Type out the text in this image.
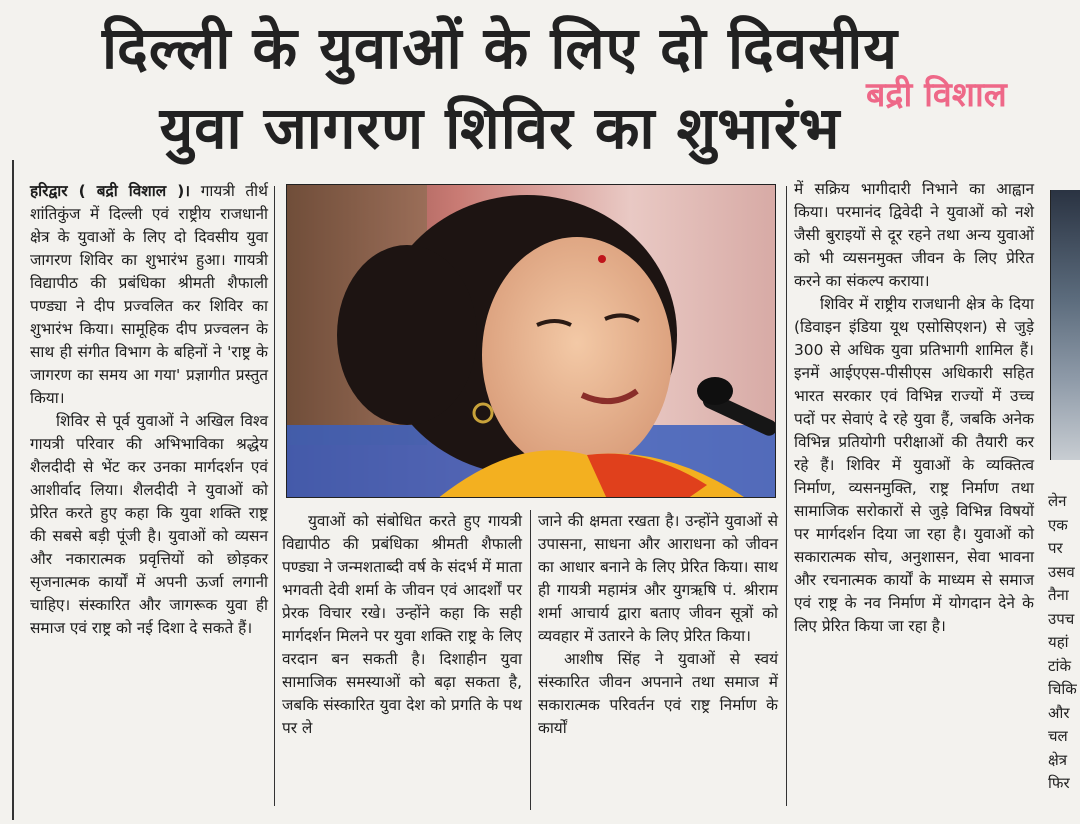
दिल्ली के युवाओं के लिए दो दिवसीय
युवा जागरण शिविर का शुभारंभ बद्री विशाल
हरिद्वार ( बद्री विशाल )। गायत्री तीर्थ शांतिकुंज में दिल्ली एवं राष्ट्रीय राजधानी क्षेत्र के युवाओं के लिए दो दिवसीय युवा जागरण शिविर का शुभारंभ हुआ। गायत्री विद्यापीठ की प्रबंधिका श्रीमती शैफाली पण्ड्या ने दीप प्रज्वलित कर शिविर का शुभारंभ किया। सामूहिक दीप प्रज्वलन के साथ ही संगीत विभाग के बहिनों ने 'राष्ट्र के जागरण का समय आ गया' प्रज्ञागीत प्रस्तुत किया।

शिविर से पूर्व युवाओं ने अखिल विश्व गायत्री परिवार की अभिभाविका श्रद्धेय शैलदीदी से भेंट कर उनका मार्गदर्शन एवं आशीर्वाद लिया। शैलदीदी ने युवाओं को प्रेरित करते हुए कहा कि युवा शक्ति राष्ट्र की सबसे बड़ी पूंजी है। युवाओं को व्यसन और नकारात्मक प्रवृत्तियों को छोड़कर सृजनात्मक कार्यों में अपनी ऊर्जा लगानी चाहिए। संस्कारित और जागरूक युवा ही समाज एवं राष्ट्र को नई दिशा दे सकते हैं।

युवाओं को संबोधित करते हुए गायत्री विद्यापीठ की प्रबंधिका श्रीमती शैफाली पण्ड्या ने जन्मशताब्दी वर्ष के संदर्भ में माता भगवती देवी शर्मा के जीवन एवं आदर्शों पर प्रेरक विचार रखे। उन्होंने कहा कि सही मार्गदर्शन मिलने पर युवा शक्ति राष्ट्र के लिए वरदान बन सकती है। दिशाहीन युवा सामाजिक समस्याओं को बढ़ा सकता है, जबकि संस्कारित युवा देश को प्रगति के पथ पर ले

जाने की क्षमता रखता है। उन्होंने युवाओं से उपासना, साधना और आराधना को जीवन का आधार बनाने के लिए प्रेरित किया। साथ ही गायत्री महामंत्र और युगऋषि पं. श्रीराम शर्मा आचार्य द्वारा बताए जीवन सूत्रों को व्यवहार में उतारने के लिए प्रेरित किया।

आशीष सिंह ने युवाओं से स्वयं संस्कारित जीवन अपनाने तथा समाज में सकारात्मक परिवर्तन एवं राष्ट्र निर्माण के कार्यों

में सक्रिय भागीदारी निभाने का आह्वान किया। परमानंद द्विवेदी ने युवाओं को नशे जैसी बुराइयों से दूर रहने तथा अन्य युवाओं को भी व्यसनमुक्त जीवन के लिए प्रेरित करने का संकल्प कराया।

शिविर में राष्ट्रीय राजधानी क्षेत्र के दिया (डिवाइन इंडिया यूथ एसोसिएशन) से जुड़े 300 से अधिक युवा प्रतिभागी शामिल हैं। इनमें आईएएस-पीसीएस अधिकारी सहित भारत सरकार एवं विभिन्न राज्यों में उच्च पदों पर सेवाएं दे रहे युवा हैं, जबकि अनेक विभिन्न प्रतियोगी परीक्षाओं की तैयारी कर रहे हैं। शिविर में युवाओं के व्यक्तित्व निर्माण, व्यसनमुक्ति, राष्ट्र निर्माण तथा सामाजिक सरोकारों से जुड़े विभिन्न विषयों पर मार्गदर्शन दिया जा रहा है। युवाओं को सकारात्मक सोच, अनुशासन, सेवा भावना और रचनात्मक कार्यों के माध्यम से समाज एवं राष्ट्र के नव निर्माण में योगदान देने के लिए प्रेरित किया जा रहा है।

लेन
एक
पर
उसव
तैना
उपच
यहां
टांके
चिकि
और
चल
क्षेत्र
फिर
